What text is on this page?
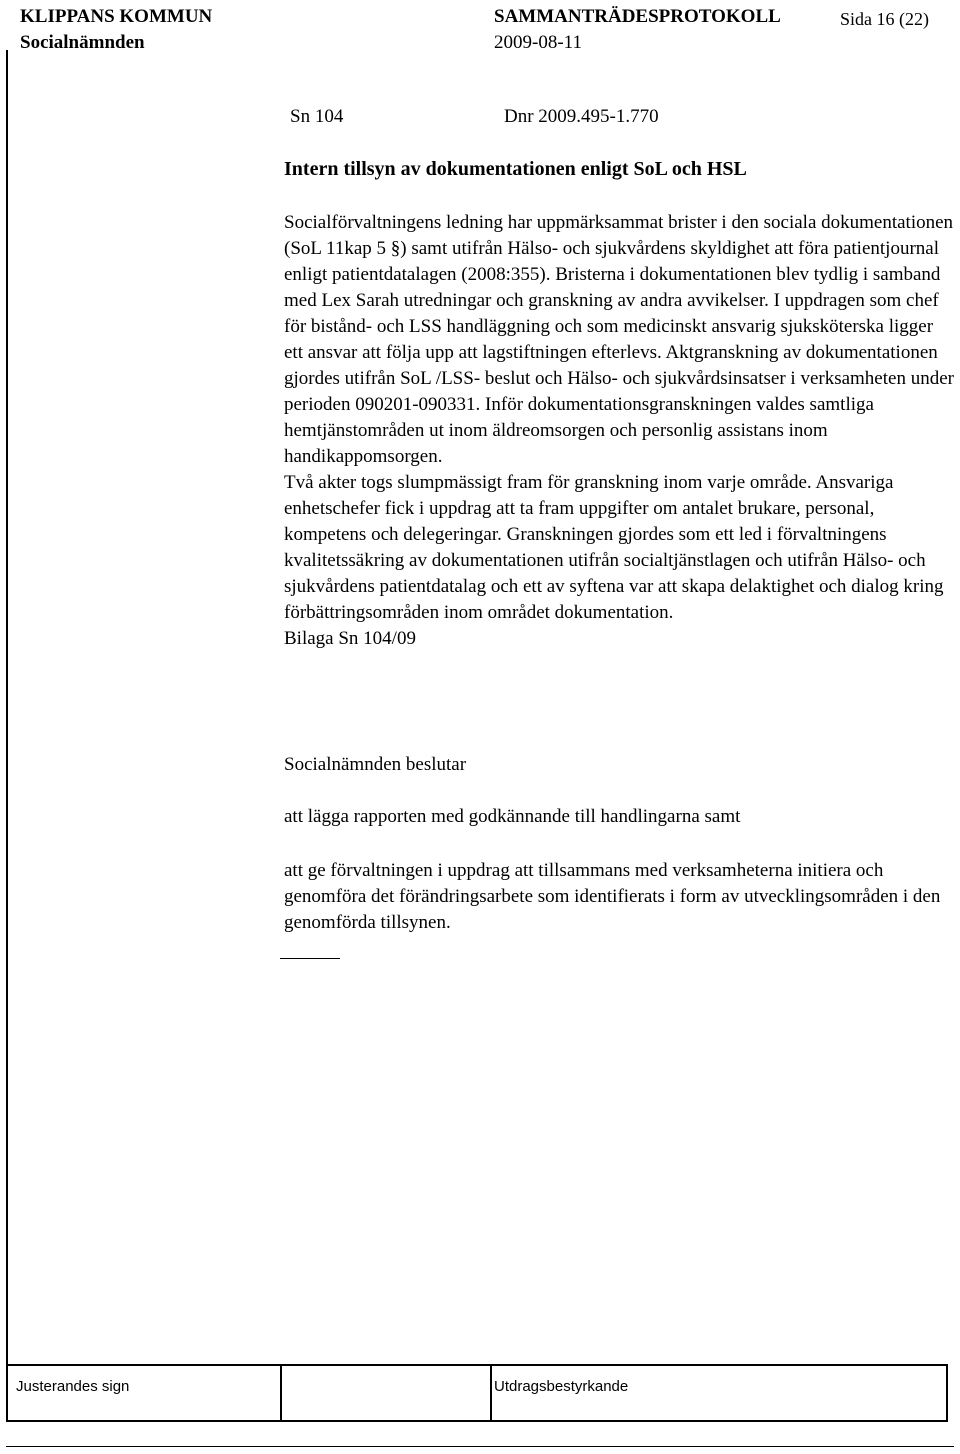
KLIPPANS KOMMUN
Socialnämnden
SAMMANTRÄDESPROTOKOLL	Sida 16 (22)
2009-08-11
Sn 104	Dnr 2009.495-1.770
Intern tillsyn av dokumentationen enligt SoL och HSL

Socialförvaltningens ledning har uppmärksammat brister i den sociala dokumentationen (SoL 11kap 5 §) samt utifrån Hälso- och sjukvårdens skyldighet att föra patientjournal enligt patientdatalagen (2008:355). Bristerna i dokumentationen blev tydlig i samband med Lex Sarah utredningar och granskning av andra avvikelser. I uppdragen som chef för bistånd- och LSS handläggning och som medicinskt ansvarig sjuksköterska ligger ett ansvar att följa upp att lagstiftningen efterlevs. Aktgranskning av dokumentationen gjordes utifrån SoL /LSS- beslut och Hälso- och sjukvårdsinsatser i verksamheten under perioden 090201-090331. Inför dokumentationsgranskningen valdes samtliga hemtjänstområden ut inom äldreomsorgen och personlig assistans inom handikappomsorgen.

Två akter togs slumpmässigt fram för granskning inom varje område. Ansvariga enhetschefer fick i uppdrag att ta fram uppgifter om antalet brukare, personal, kompetens och delegeringar. Granskningen gjordes som ett led i förvaltningens kvalitetssäkring av dokumentationen utifrån socialtjänstlagen och utifrån Hälso- och sjukvårdens patientdatalag och ett av syftena var att skapa delaktighet och dialog kring förbättringsområden inom området dokumentation.

Bilaga Sn 104/09

Socialnämnden beslutar
att lägga rapporten med godkännande till handlingarna samt
att ge förvaltningen i uppdrag att tillsammans med verksamheterna initiera och genomföra det förändringsarbete som identifierats i form av utvecklingsområden i den genomförda tillsynen.
Justerandes sign	Utdragsbestyrkande
